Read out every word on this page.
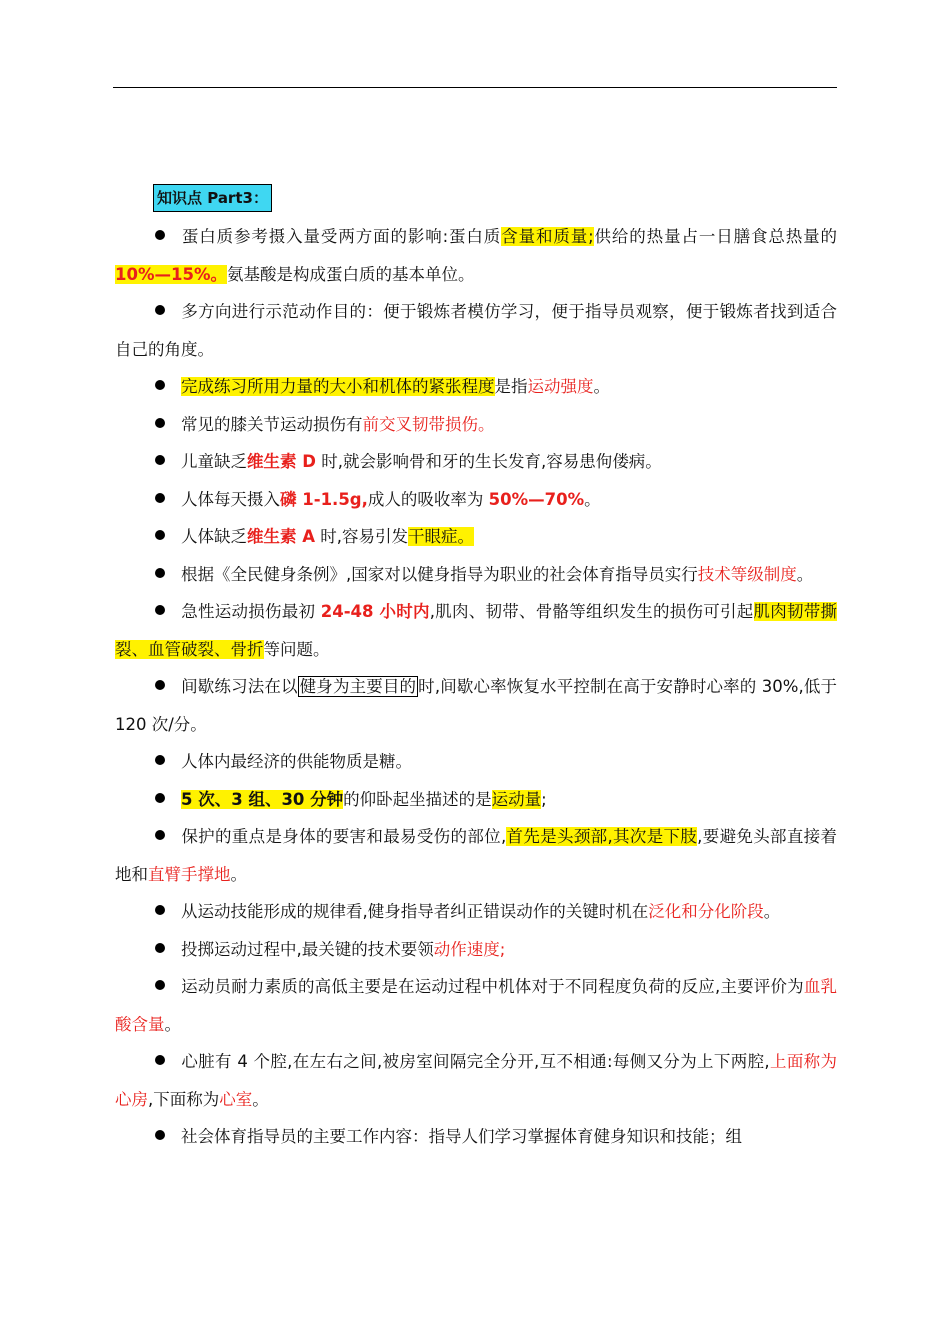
知识点 Part3：

蛋白质参考摄入量受两方面的影响:蛋白质含量和质量;供给的热量占一日膳食总热量的 10%—15%。氨基酸是构成蛋白质的基本单位。

多方向进行示范动作目的：便于锻炼者模仿学习，便于指导员观察，便于锻炼者找到适合自己的角度。

完成练习所用力量的大小和机体的紧张程度是指运动强度。

常见的膝关节运动损伤有前交叉韧带损伤。

儿童缺乏维生素 D 时,就会影响骨和牙的生长发育,容易患佝偻病。

人体每天摄入磷 1-1.5g,成人的吸收率为 50%—70%。

人体缺乏维生素 A 时,容易引发干眼症。

根据《全民健身条例》,国家对以健身指导为职业的社会体育指导员实行技术等级制度。

急性运动损伤最初 24-48 小时内,肌肉、韧带、骨骼等组织发生的损伤可引起肌肉韧带撕裂、血管破裂、骨折等问题。

间歇练习法在以 健身为主要目的 时,间歇心率恢复水平控制在高于安静时心率的 30%,低于 120 次/分。

人体内最经济的供能物质是糖。

5 次、3 组、30 分钟的仰卧起坐描述的是运动量;

保护的重点是身体的要害和最易受伤的部位,首先是头颈部,其次是下肢,要避免头部直接着地和直臂手撑地。

从运动技能形成的规律看,健身指导者纠正错误动作的关键时机在泛化和分化阶段。

投掷运动过程中,最关键的技术要领动作速度;

运动员耐力素质的高低主要是在运动过程中机体对于不同程度负荷的反应,主要评价为血乳酸含量。

心脏有 4 个腔,在左右之间,被房室间隔完全分开,互不相通:每侧又分为上下两腔,上面称为心房,下面称为心室。

社会体育指导员的主要工作内容：指导人们学习掌握体育健身知识和技能；组
